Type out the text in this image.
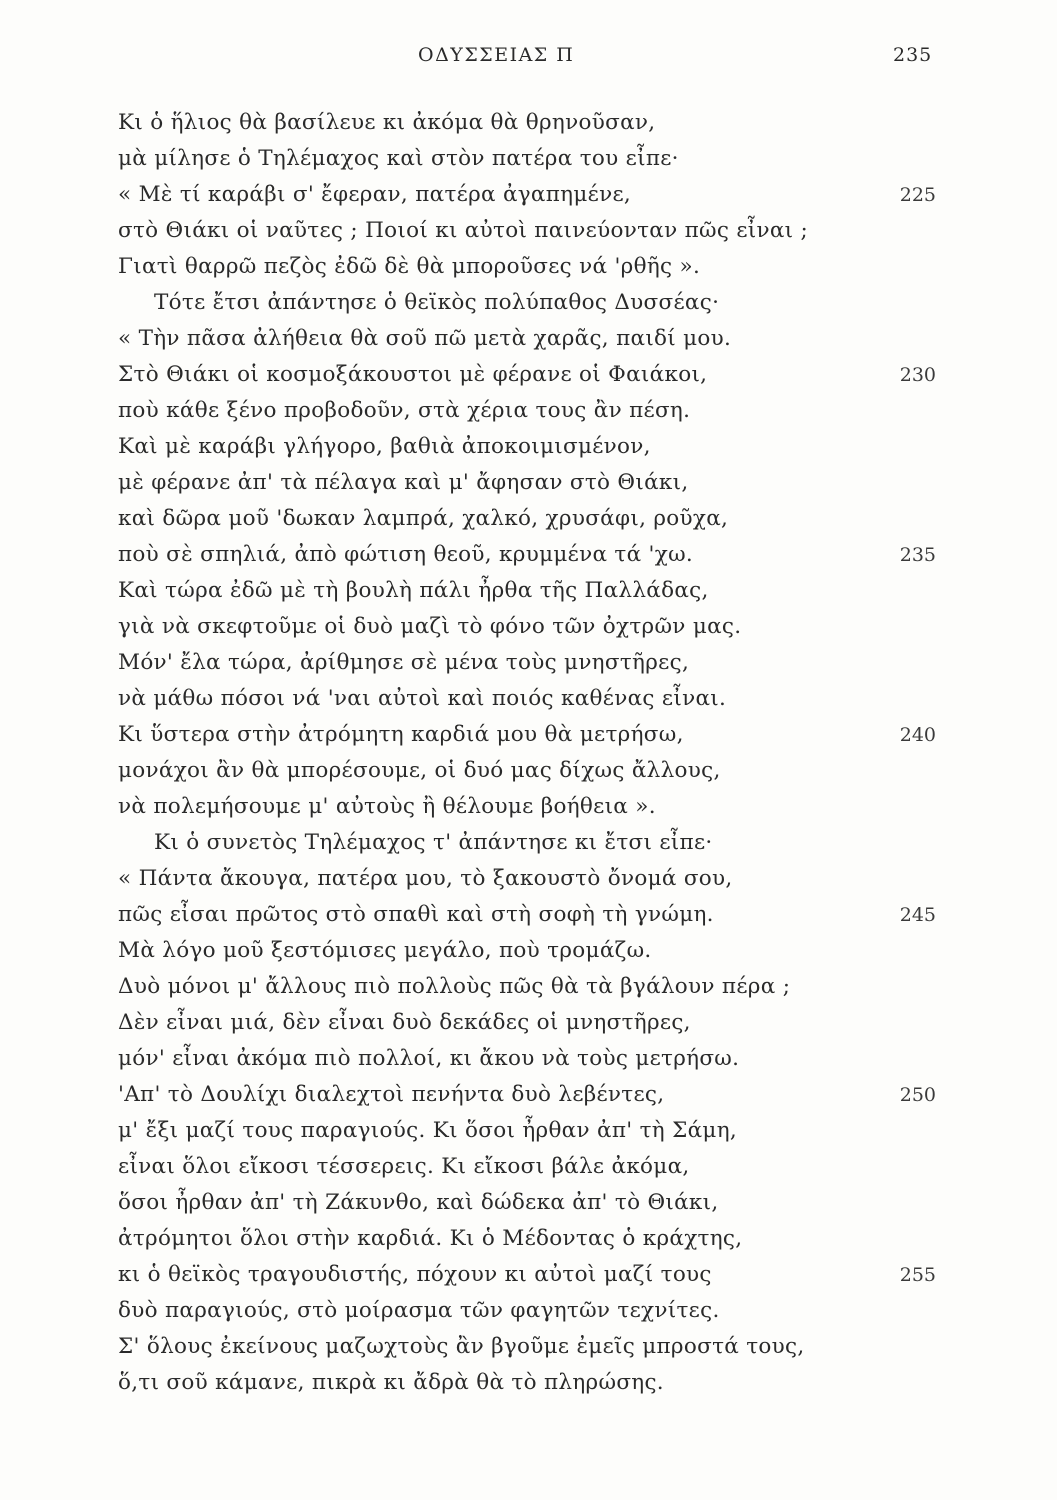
ΟΔΥΣΣΕΙΑΣ Π	235
Κι ὁ ἥλιος θὰ βασίλευε κι ἀκόμα θὰ θρηνοῦσαν,
μὰ μίλησε ὁ Τηλέμαχος καὶ στὸν πατέρα του εἶπε·
« Μὲ τί καράβι σ' ἔφεραν, πατέρα ἀγαπημένε,
στὸ Θιάκι οἱ ναῦτες ; Ποιοί κι αὐτοὶ παινεύονταν πῶς εἶναι ;
Γιατὶ θαρρῶ πεζὸς ἐδῶ δὲ θὰ μποροῦσες νά 'ρθῆς ».
Τότε ἔτσι ἀπάντησε ὁ θεϊκὸς πολύπαθος Δυσσέας·
« Τὴν πᾶσα ἀλήθεια θὰ σοῦ πῶ μετὰ χαρᾶς, παιδί μου.
Στὸ Θιάκι οἱ κοσμοξάκουστοι μὲ φέρανε οἱ Φαιάκοι,
ποὺ κάθε ξένο προβοδοῦν, στὰ χέρια τους ἂν πέση.
Καὶ μὲ καράβι γλήγορο, βαθιὰ ἀποκοιμισμένον,
μὲ φέρανε ἀπ' τὰ πέλαγα καὶ μ' ἄφησαν στὸ Θιάκι,
καὶ δῶρα μοῦ 'δωκαν λαμπρά, χαλκό, χρυσάφι, ροῦχα,
ποὺ σὲ σπηλιά, ἀπὸ φώτιση θεοῦ, κρυμμένα τά 'χω.
Καὶ τώρα ἐδῶ μὲ τὴ βουλὴ πάλι ἦρθα τῆς Παλλάδας,
γιὰ νὰ σκεφτοῦμε οἱ δυὸ μαζὶ τὸ φόνο τῶν ὀχτρῶν μας.
Μόν' ἔλα τώρα, ἀρίθμησε σὲ μένα τοὺς μνηστῆρες,
νὰ μάθω πόσοι νά 'ναι αὐτοὶ καὶ ποιός καθένας εἶναι.
Κι ὕστερα στὴν ἀτρόμητη καρδιά μου θὰ μετρήσω,
μονάχοι ἂν θὰ μπορέσουμε, οἱ δυό μας δίχως ἄλλους,
νὰ πολεμήσουμε μ' αὐτοὺς ἢ θέλουμε βοήθεια ».
Κι ὁ συνετὸς Τηλέμαχος τ' ἀπάντησε κι ἔτσι εἶπε·
« Πάντα ἄκουγα, πατέρα μου, τὸ ξακουστὸ ὄνομά σου,
πῶς εἶσαι πρῶτος στὸ σπαθὶ καὶ στὴ σοφὴ τὴ γνώμη.
Μὰ λόγο μοῦ ξεστόμισες μεγάλο, ποὺ τρομάζω.
Δυὸ μόνοι μ' ἄλλους πιὸ πολλοὺς πῶς θὰ τὰ βγάλουν πέρα ;
Δὲν εἶναι μιά, δὲν εἶναι δυὸ δεκάδες οἱ μνηστῆρες,
μόν' εἶναι ἀκόμα πιὸ πολλοί, κι ἄκου νὰ τοὺς μετρήσω.
'Απ' τὸ Δουλίχι διαλεχτοὶ πενήντα δυὸ λεβέντες,
μ' ἔξι μαζί τους παραγιούς. Κι ὅσοι ἦρθαν ἀπ' τὴ Σάμη,
εἶναι ὅλοι εἴκοσι τέσσερεις. Κι εἴκοσι βάλε ἀκόμα,
ὅσοι ἦρθαν ἀπ' τὴ Ζάκυνθο, καὶ δώδεκα ἀπ' τὸ Θιάκι,
ἀτρόμητοι ὅλοι στὴν καρδιά. Κι ὁ Μέδοντας ὁ κράχτης,
κι ὁ θεϊκὸς τραγουδιστής, πόχουν κι αὐτοὶ μαζί τους
δυὸ παραγιούς, στὸ μοίρασμα τῶν φαγητῶν τεχνίτες.
Σ' ὅλους ἐκείνους μαζωχτοὺς ἂν βγοῦμε ἐμεῖς μπροστά τους,
ὅ,τι σοῦ κάμανε, πικρὰ κι ἄδρὰ θὰ τὸ πληρώσης.
225
230
235
240
245
250
255
